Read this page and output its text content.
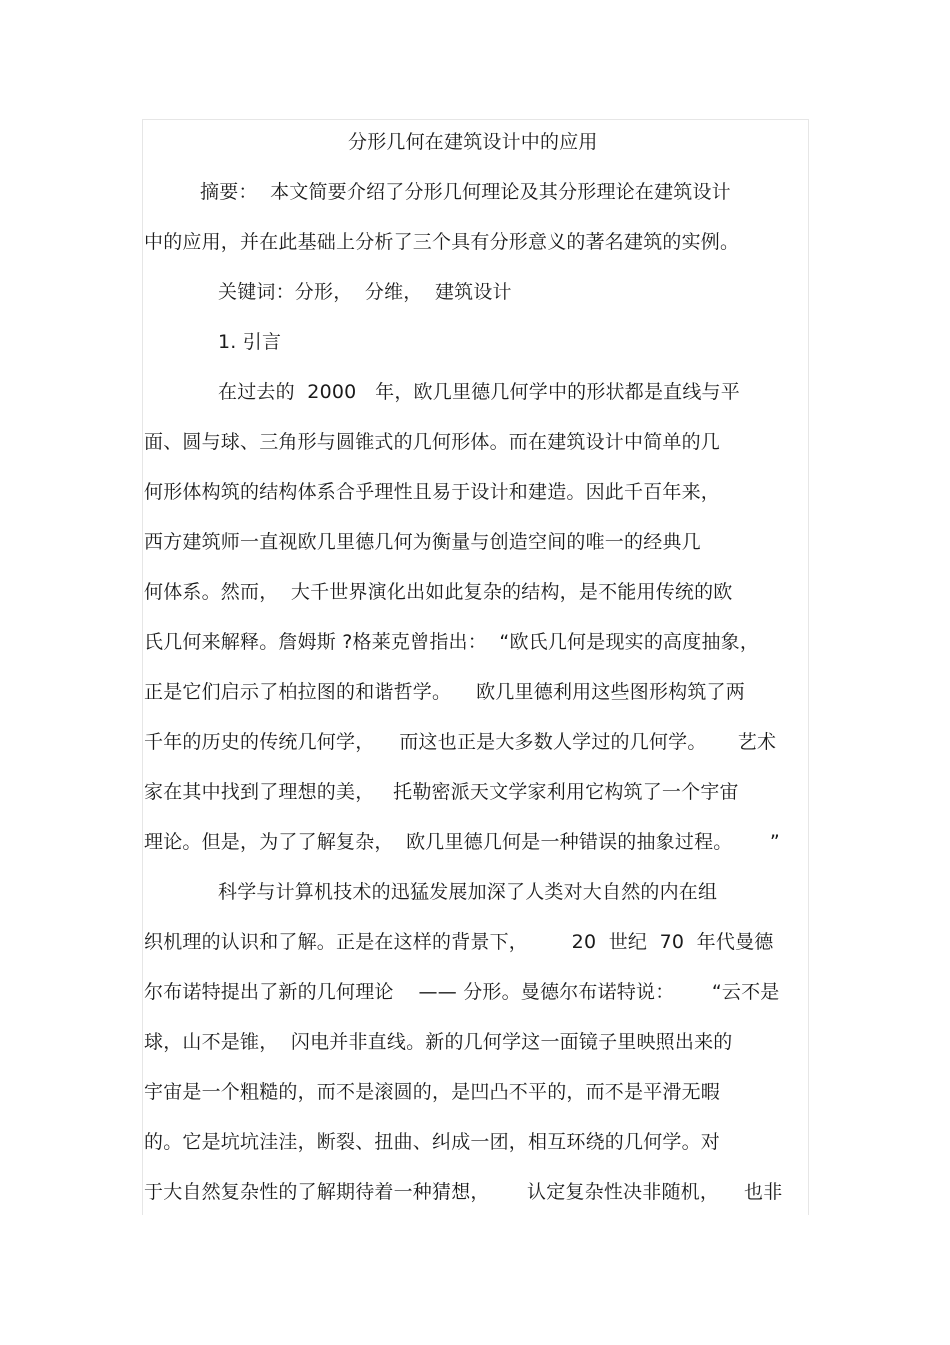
分形几何在建筑设计中的应用
摘要：  本文简要介绍了分形几何理论及其分形理论在建筑设计
中的应用，并在此基础上分析了三个具有分形意义的著名建筑的实例。
关键词：分形，  分维，  建筑设计
1. 引言
在过去的  2000   年，欧几里德几何学中的形状都是直线与平
面、圆与球、三角形与圆锥式的几何形体。而在建筑设计中简单的几
何形体构筑的结构体系合乎理性且易于设计和建造。因此千百年来，
西方建筑师一直视欧几里德几何为衡量与创造空间的唯一的经典几
何体系。然而，  大千世界演化出如此复杂的结构，是不能用传统的欧
氏几何来解释。詹姆斯 ?格莱克曾指出：  “欧氏几何是现实的高度抽象，
正是它们启示了柏拉图的和谐哲学。    欧几里德利用这些图形构筑了两
千年的历史的传统几何学，    而这也正是大多数人学过的几何学。     艺术
家在其中找到了理想的美，   托勒密派天文学家利用它构筑了一个宇宙
理论。但是，为了了解复杂，  欧几里德几何是一种错误的抽象过程。      ”
科学与计算机技术的迅猛发展加深了人类对大自然的内在组
织机理的认识和了解。正是在这样的背景下，       20  世纪  70  年代曼德
尔布诺特提出了新的几何理论    —— 分形。曼德尔布诺特说：      “云不是
球，山不是锥，  闪电并非直线。新的几何学这一面镜子里映照出来的
宇宙是一个粗糙的，而不是滚圆的，是凹凸不平的，而不是平滑无暇
的。它是坑坑洼洼，断裂、扭曲、纠成一团，相互环绕的几何学。对
于大自然复杂性的了解期待着一种猜想，      认定复杂性决非随机，    也非
